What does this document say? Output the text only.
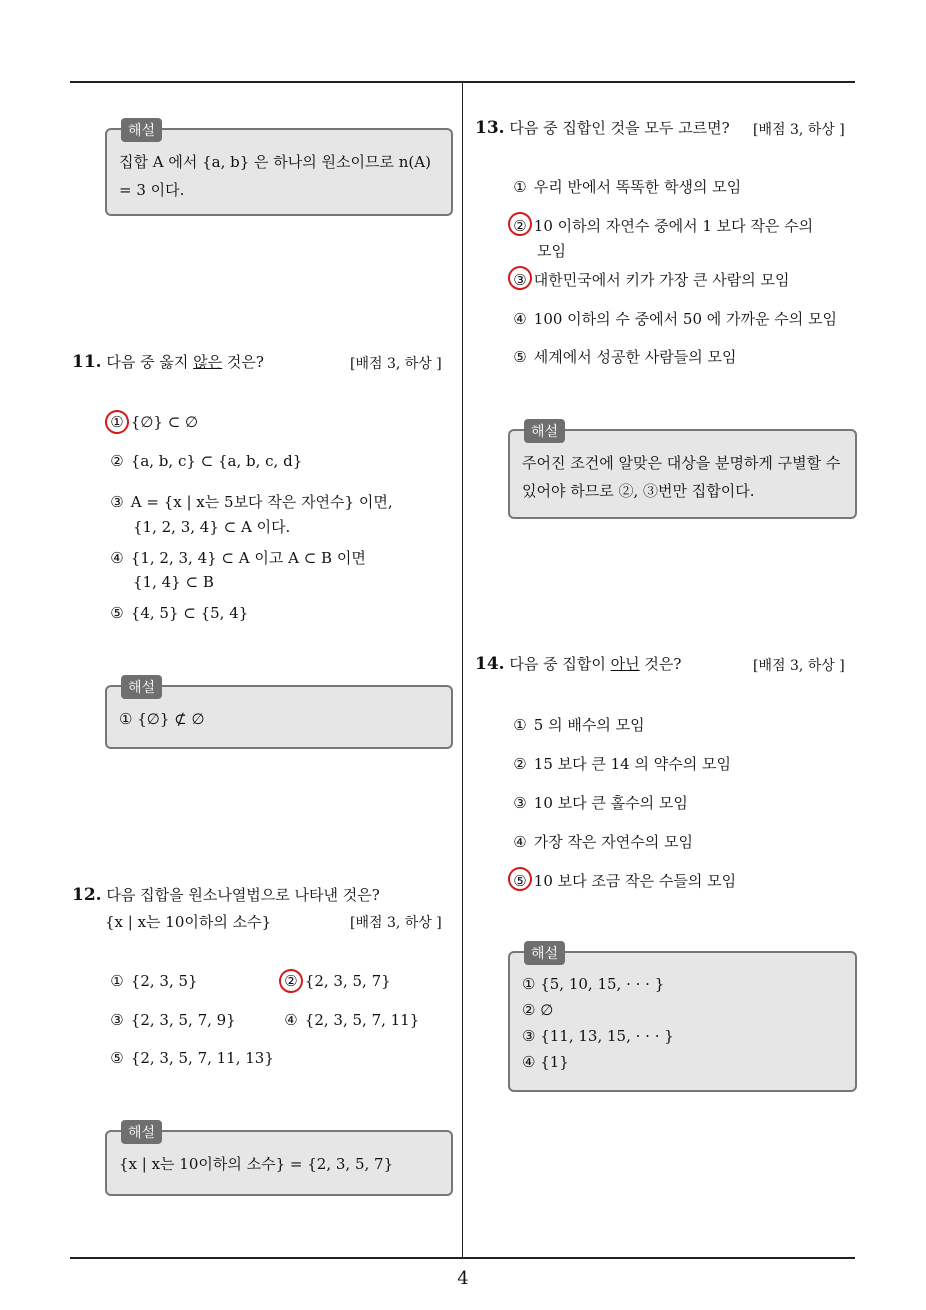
해설
집합 A 에서 {a, b} 은 하나의 원소이므로 n(A) = 3 이다.
11. 다음 중 옳지 않은 것은?	[배점 3, 하상 ]
① {∅} ⊂ ∅
② {a, b, c} ⊂ {a, b, c, d}
③ A = {x | x는 5보다 작은 자연수} 이면,
{1, 2, 3, 4} ⊂ A 이다.
④ {1, 2, 3, 4} ⊂ A 이고 A ⊂ B 이면
{1, 4} ⊂ B
⑤ {4, 5} ⊂ {5, 4}
해설
① {∅} ⊄ ∅
12. 다음 집합을 원소나열법으로 나타낸 것은?
{x | x는 10이하의 소수}	[배점 3, 하상 ]
① {2, 3, 5}	② {2, 3, 5, 7}
③ {2, 3, 5, 7, 9}	④ {2, 3, 5, 7, 11}
⑤ {2, 3, 5, 7, 11, 13}
해설
{x | x는 10이하의 소수} = {2, 3, 5, 7}
13. 다음 중 집합인 것을 모두 고르면? [배점 3, 하상 ]
① 우리 반에서 똑똑한 학생의 모임
② 10 이하의 자연수 중에서 1 보다 작은 수의
모임
③ 대한민국에서 키가 가장 큰 사람의 모임
④ 100 이하의 수 중에서 50 에 가까운 수의 모임
⑤ 세계에서 성공한 사람들의 모임
해설
주어진 조건에 알맞은 대상을 분명하게 구별할 수 있어야 하므로 ②, ③번만 집합이다.
14. 다음 중 집합이 아닌 것은?	[배점 3, 하상 ]
① 5 의 배수의 모임
② 15 보다 큰 14 의 약수의 모임
③ 10 보다 큰 홀수의 모임
④ 가장 작은 자연수의 모임
⑤ 10 보다 조금 작은 수들의 모임
해설
① {5, 10, 15, · · · }
② ∅
③ {11, 13, 15, · · · }
④ {1}
4
